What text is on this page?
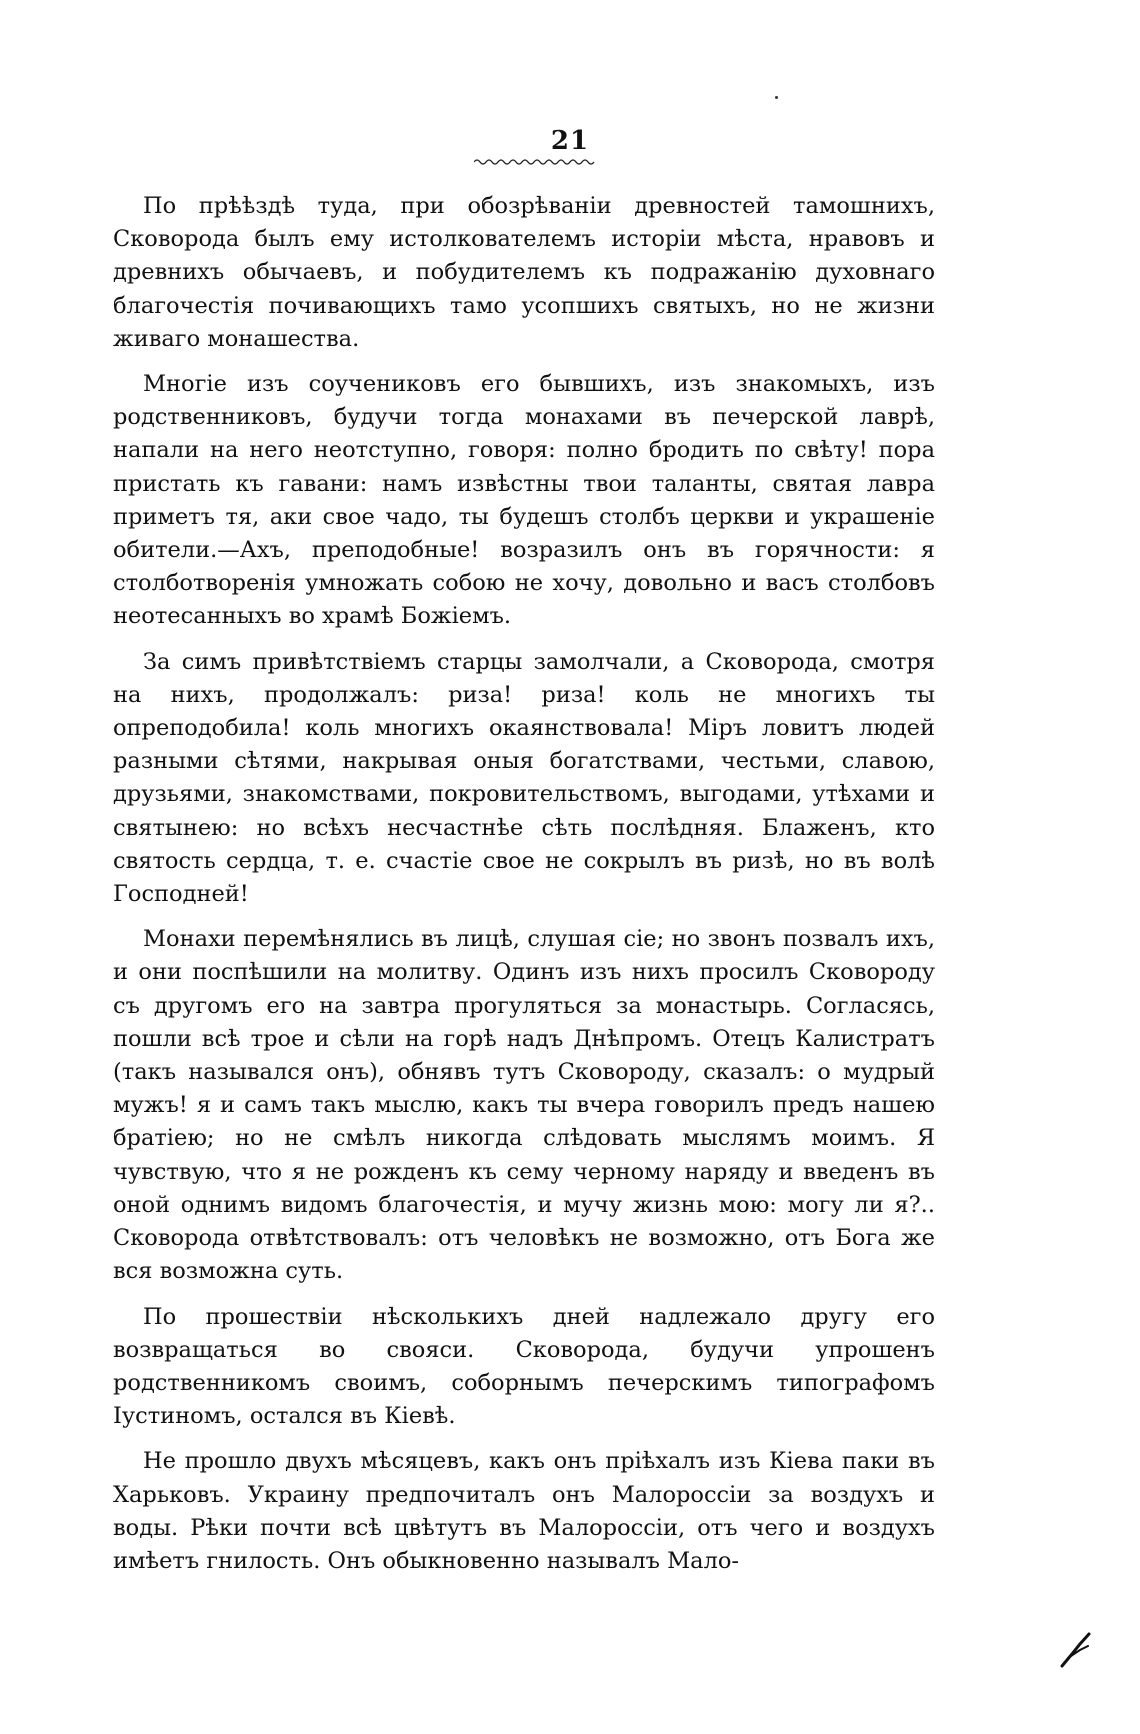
21

По прѣѣздѣ туда, при обозрѣваніи древностей тамошнихъ, Сковорода былъ ему истолкователемъ исторіи мѣста, нравовъ и древнихъ обычаевъ, и побудителемъ къ подражанію духовнаго благочестія почивающихъ тамо усопшихъ святыхъ, но не жизни живаго монашества.

Многіе изъ соучениковъ его бывшихъ, изъ знакомыхъ, изъ родственниковъ, будучи тогда монахами въ печерской лаврѣ, напали на него неотступно, говоря: полно бродить по свѣту! пора пристать къ гавани: намъ извѣстны твои таланты, святая лавра приметъ тя, аки свое чадо, ты будешъ столбъ церкви и украшеніе обители.—Ахъ, преподобные! возразилъ онъ въ горячности: я столботворенія умножать собою не хочу, довольно и васъ столбовъ неотесанныхъ во храмѣ Божіемъ.

За симъ привѣтствіемъ старцы замолчали, а Сковорода, смотря на нихъ, продолжалъ: риза! риза! коль не многихъ ты опреподобила! коль многихъ окаянствовала! Міръ ловитъ людей разными сѣтями, накрывая оныя богатствами, честьми, славою, друзьями, знакомствами, покровительствомъ, выгодами, утѣхами и святынею: но всѣхъ несчастнѣе сѣть послѣдняя. Блаженъ, кто святость сердца, т. е. счастіе свое не сокрылъ въ ризѣ, но въ волѣ Господней!

Монахи перемѣнялись въ лицѣ, слушая сіе; но звонъ позвалъ ихъ, и они поспѣшили на молитву. Одинъ изъ нихъ просилъ Сковороду съ другомъ его на завтра прогуляться за монастырь. Согласясь, пошли всѣ трое и сѣли на горѣ надъ Днѣпромъ. Отецъ Калистратъ (такъ назывался онъ), обнявъ тутъ Сковороду, сказалъ: о мудрый мужъ! я и самъ такъ мыслю, какъ ты вчера говорилъ предъ нашею братіею; но не смѣлъ никогда слѣдовать мыслямъ моимъ. Я чувствую, что я не рожденъ къ сему черному наряду и введенъ въ оной однимъ видомъ благочестія, и мучу жизнь мою: могу ли я?.. Сковорода отвѣтствовалъ: отъ человѣкъ не возможно, отъ Бога же вся возможна суть.

По прошествіи нѣсколькихъ дней надлежало другу его возвращаться во свояси. Сковорода, будучи упрошенъ родственникомъ своимъ, соборнымъ печерскимъ типографомъ Іустиномъ, остался въ Кіевѣ.

Не прошло двухъ мѣсяцевъ, какъ онъ пріѣхалъ изъ Кіева паки въ Харьковъ. Украину предпочиталъ онъ Малороссіи за воздухъ и воды. Рѣки почти всѣ цвѣтутъ въ Малороссіи, отъ чего и воздухъ имѣетъ гнилость. Онъ обыкновенно называлъ Мало-
